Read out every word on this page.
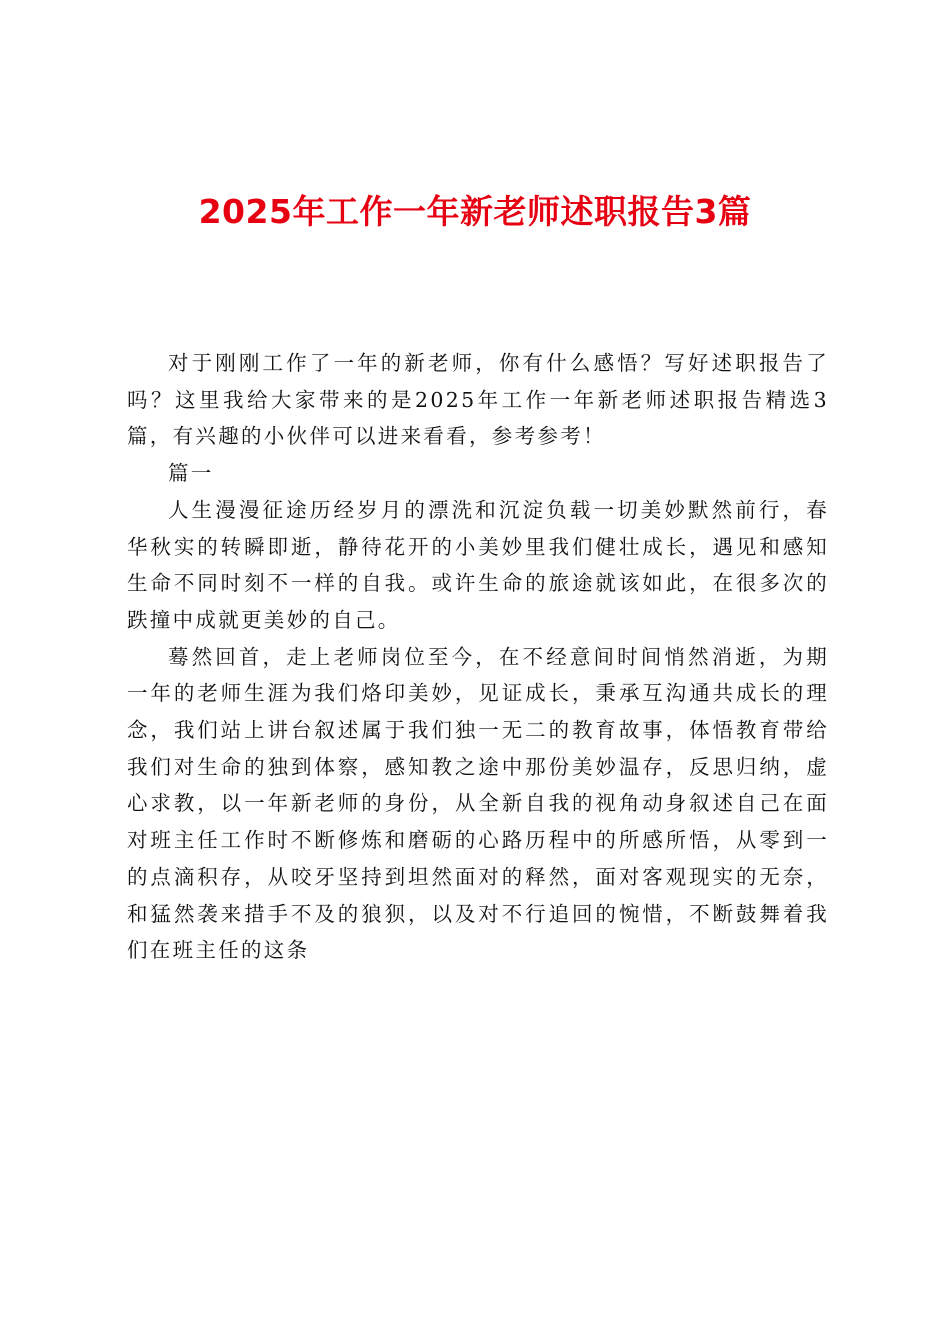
2025年工作一年新老师述职报告3篇

对于刚刚工作了一年的新老师，你有什么感悟？写好述职报告了吗？这里我给大家带来的是2025年工作一年新老师述职报告精选3篇，有兴趣的小伙伴可以进来看看，参考参考！

篇一

人生漫漫征途历经岁月的漂洗和沉淀负载一切美妙默然前行，春华秋实的转瞬即逝，静待花开的小美妙里我们健壮成长，遇见和感知生命不同时刻不一样的自我。或许生命的旅途就该如此，在很多次的跌撞中成就更美妙的自己。

蓦然回首，走上老师岗位至今，在不经意间时间悄然消逝，为期一年的老师生涯为我们烙印美妙，见证成长，秉承互沟通共成长的理念，我们站上讲台叙述属于我们独一无二的教育故事，体悟教育带给我们对生命的独到体察，感知教之途中那份美妙温存，反思归纳，虚心求教，以一年新老师的身份，从全新自我的视角动身叙述自己在面对班主任工作时不断修炼和磨砺的心路历程中的所感所悟，从零到一的点滴积存，从咬牙坚持到坦然面对的释然，面对客观现实的无奈，和猛然袭来措手不及的狼狈，以及对不行追回的惋惜，不断鼓舞着我们在班主任的这条
